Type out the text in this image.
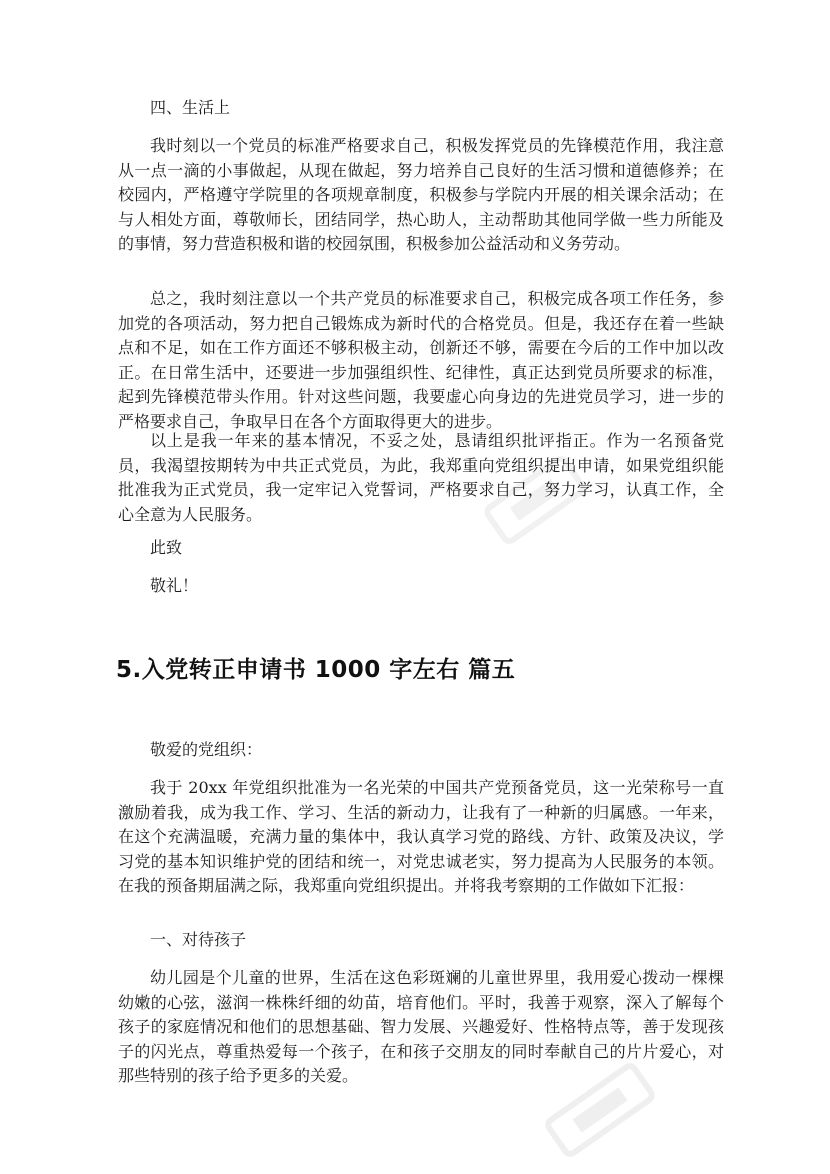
四、生活上
我时刻以一个党员的标准严格要求自己，积极发挥党员的先锋模范作用，我注意从一点一滴的小事做起，从现在做起，努力培养自己良好的生活习惯和道德修养；在校园内，严格遵守学院里的各项规章制度，积极参与学院内开展的相关课余活动；在与人相处方面，尊敬师长，团结同学，热心助人，主动帮助其他同学做一些力所能及的事情，努力营造积极和谐的校园氛围，积极参加公益活动和义务劳动。
总之，我时刻注意以一个共产党员的标准要求自己，积极完成各项工作任务，参加党的各项活动，努力把自己锻炼成为新时代的合格党员。但是，我还存在着一些缺点和不足，如在工作方面还不够积极主动，创新还不够，需要在今后的工作中加以改正。在日常生活中，还要进一步加强组织性、纪律性，真正达到党员所要求的标准，起到先锋模范带头作用。针对这些问题，我要虚心向身边的先进党员学习，进一步的严格要求自己，争取早日在各个方面取得更大的进步。
以上是我一年来的基本情况，不妥之处，恳请组织批评指正。作为一名预备党员，我渴望按期转为中共正式党员，为此，我郑重向党组织提出申请，如果党组织能批准我为正式党员，我一定牢记入党誓词，严格要求自己，努力学习，认真工作，全心全意为人民服务。
此致
敬礼！
5.入党转正申请书 1000 字左右 篇五
敬爱的党组织：
我于 20xx 年党组织批准为一名光荣的中国共产党预备党员，这一光荣称号一直激励着我，成为我工作、学习、生活的新动力，让我有了一种新的归属感。一年来，在这个充满温暖，充满力量的集体中，我认真学习党的路线、方针、政策及决议，学习党的基本知识维护党的团结和统一，对党忠诚老实，努力提高为人民服务的本领。在我的预备期届满之际，我郑重向党组织提出。并将我考察期的工作做如下汇报：
一、对待孩子
幼儿园是个儿童的世界，生活在这色彩斑斓的儿童世界里，我用爱心拨动一棵棵幼嫩的心弦，滋润一株株纤细的幼苗，培育他们。平时，我善于观察，深入了解每个孩子的家庭情况和他们的思想基础、智力发展、兴趣爱好、性格特点等，善于发现孩子的闪光点，尊重热爱每一个孩子，在和孩子交朋友的同时奉献自己的片片爱心，对那些特别的孩子给予更多的关爱。
